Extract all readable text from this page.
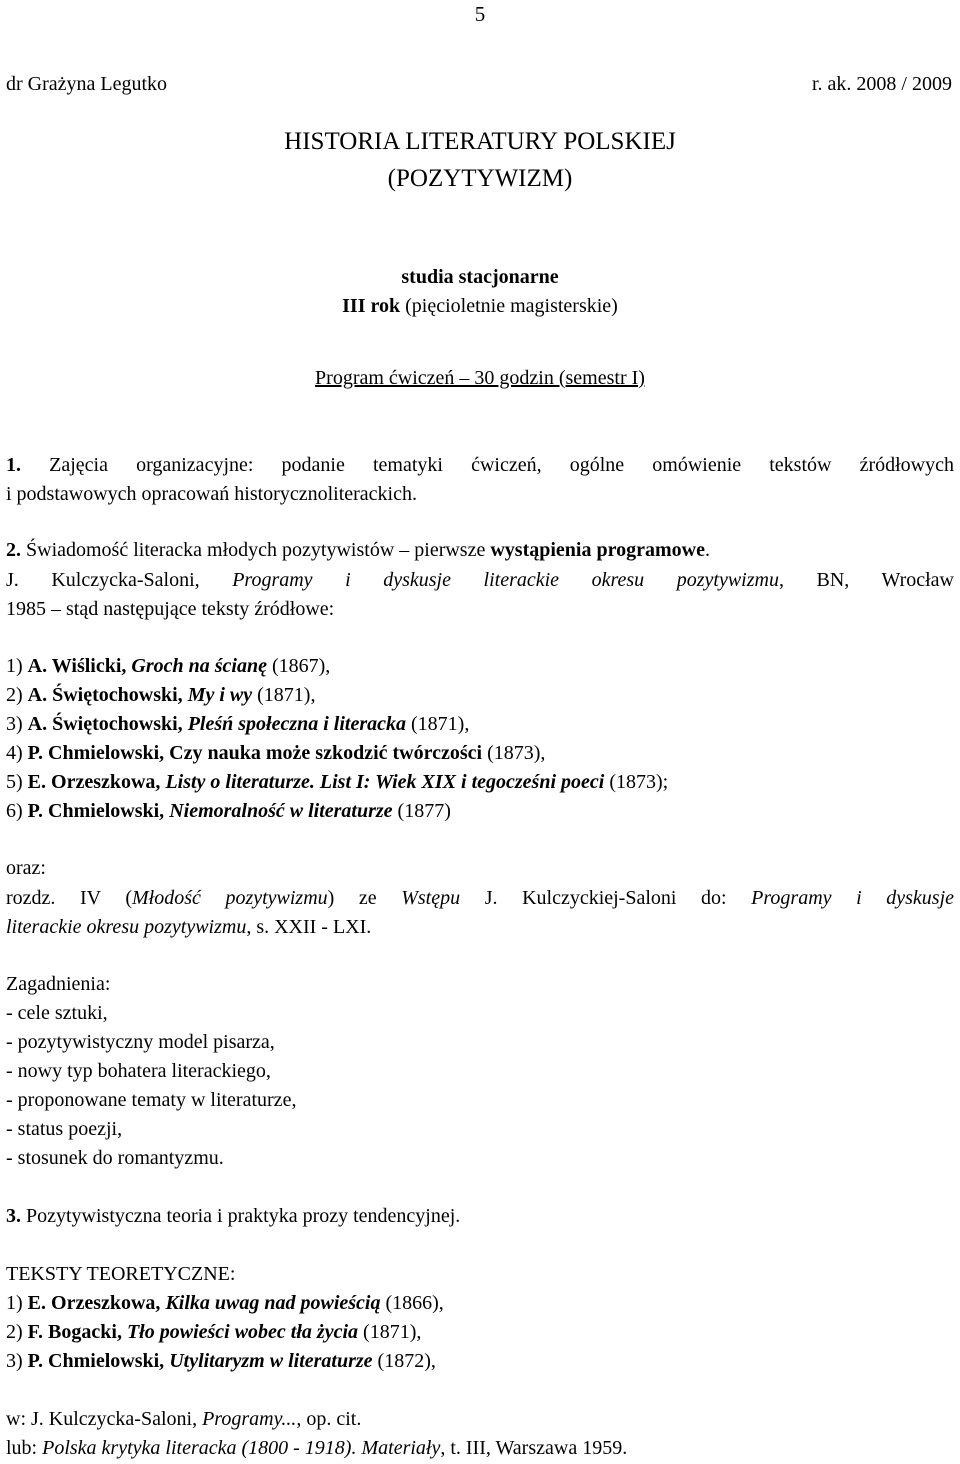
5
dr Grażyna Legutko	r. ak. 2008 / 2009
HISTORIA LITERATURY POLSKIEJ
(POZYTYWIZM)
studia stacjonarne
III rok (pięcioletnie magisterskie)
Program ćwiczeń – 30 godzin (semestr I)
1. Zajęcia organizacyjne: podanie tematyki ćwiczeń, ogólne omówienie tekstów źródłowych
i podstawowych opracowań historycznoliterackich.
2. Świadomość literacka młodych pozytywistów – pierwsze wystąpienia programowe.
J. Kulczycka-Saloni, Programy i dyskusje literackie okresu pozytywizmu, BN, Wrocław
1985 – stąd następujące teksty źródłowe:
1) A. Wiślicki, Groch na ścianę (1867),
2) A. Świętochowski, My i wy (1871),
3) A. Świętochowski, Pleśń społeczna i literacka (1871),
4) P. Chmielowski, Czy nauka może szkodzić twórczości (1873),
5) E. Orzeszkowa, Listy o literaturze. List I: Wiek XIX i tegocześni poeci (1873);
6) P. Chmielowski, Niemoralność w literaturze (1877)
oraz:
rozdz. IV (Młodość pozytywizmu) ze Wstępu J. Kulczyckiej-Saloni do: Programy i dyskusje
literackie okresu pozytywizmu, s. XXII - LXI.
Zagadnienia:
- cele sztuki,
- pozytywistyczny model pisarza,
- nowy typ bohatera literackiego,
- proponowane tematy w literaturze,
- status poezji,
- stosunek do romantyzmu.
3. Pozytywistyczna teoria i praktyka prozy tendencyjnej.
TEKSTY TEORETYCZNE:
1) E. Orzeszkowa, Kilka uwag nad powieścią (1866),
2) F. Bogacki, Tło powieści wobec tła życia (1871),
3) P. Chmielowski, Utylitaryzm w literaturze (1872),
w: J. Kulczycka-Saloni, Programy..., op. cit.
lub: Polska krytyka literacka (1800 - 1918). Materiały, t. III, Warszawa 1959.
